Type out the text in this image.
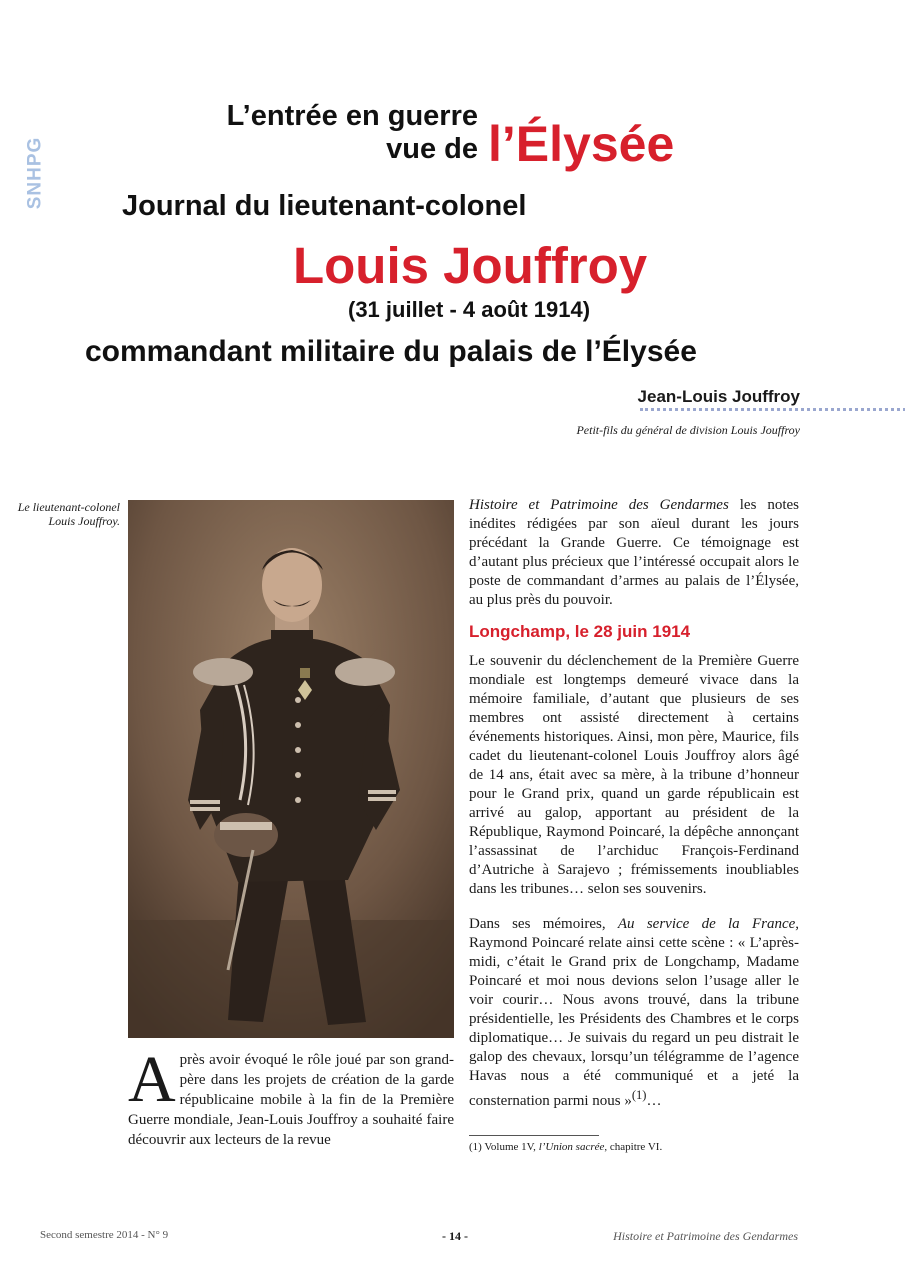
SNHPG
L’entrée en guerre
vue de l’Élysée
Journal du lieutenant-colonel
Louis Jouffroy
(31 juillet - 4 août 1914)
commandant militaire du palais de l’Élysée
Jean-Louis Jouffroy
Petit-fils du général de division Louis Jouffroy
Le lieutenant-colonel Louis Jouffroy.
Après avoir évoqué le rôle joué par son grand-père dans les projets de création de la garde républicaine mobile à la fin de la Première Guerre mondiale, Jean-Louis Jouffroy a souhaité faire découvrir aux lecteurs de la revue

Histoire et Patrimoine des Gendarmes les notes inédites rédigées par son aïeul durant les jours précédant la Grande Guerre. Ce témoignage est d’autant plus précieux que l’intéressé occupait alors le poste de commandant d’armes au palais de l’Élysée, au plus près du pouvoir.

Longchamp, le 28 juin 1914

Le souvenir du déclenchement de la Première Guerre mondiale est longtemps demeuré vivace dans la mémoire familiale, d’autant que plusieurs de ses membres ont assisté directement à certains événements historiques. Ainsi, mon père, Maurice, fils cadet du lieutenant-colonel Louis Jouffroy alors âgé de 14 ans, était avec sa mère, à la tribune d’honneur pour le Grand prix, quand un garde républicain est arrivé au galop, apportant au président de la République, Raymond Poincaré, la dépêche annonçant l’assassinat de l’archiduc François-Ferdinand d’Autriche à Sarajevo ; frémissements inoubliables dans les tribunes… selon ses souvenirs.

Dans ses mémoires, Au service de la France, Raymond Poincaré relate ainsi cette scène : « L’après-midi, c’était le Grand prix de Longchamp, Madame Poincaré et moi nous devions selon l’usage aller le voir courir… Nous avons trouvé, dans la tribune présidentielle, les Présidents des Chambres et le corps diplomatique… Je suivais du regard un peu distrait le galop des chevaux, lorsqu’un télégramme de l’agence Havas nous a été communiqué et a jeté la consternation parmi nous »$^{(1)}$…

(1) Volume 1V, l’Union sacrée, chapitre VI.
Second semestre 2014 - N° 9	- 14 -	Histoire et Patrimoine des Gendarmes
